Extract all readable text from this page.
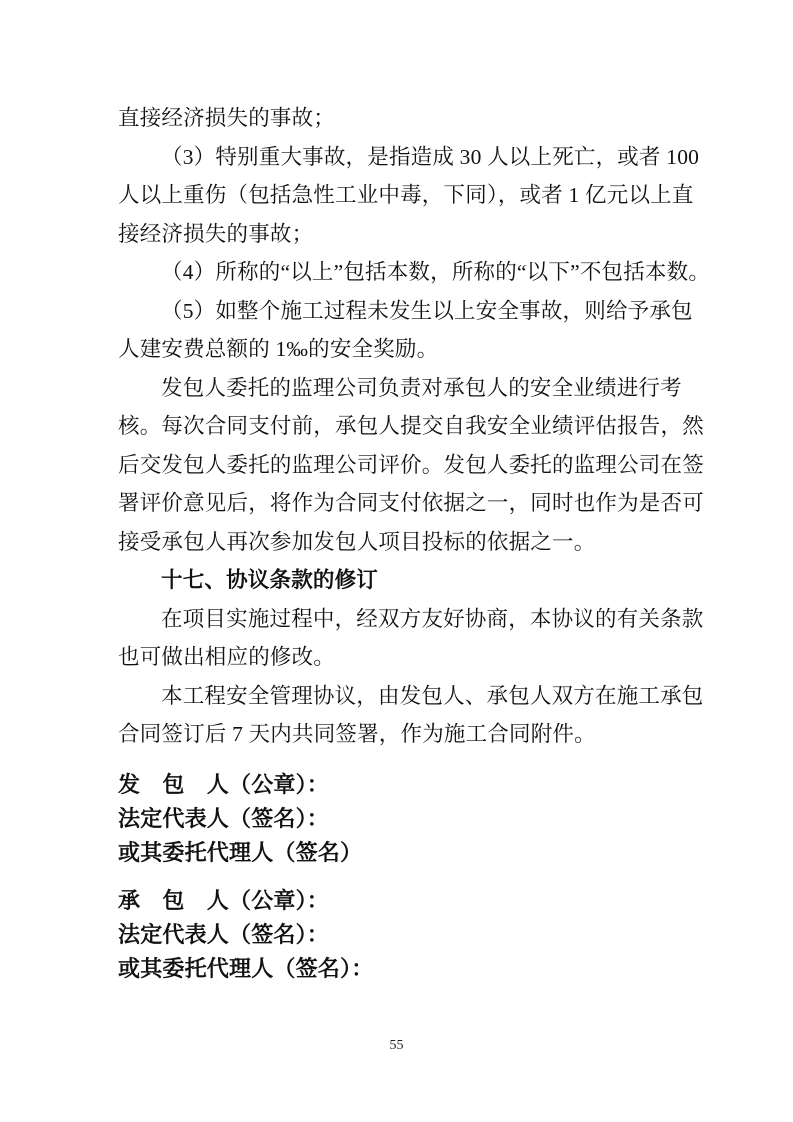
直接经济损失的事故；
（3）特别重大事故，是指造成 30 人以上死亡，或者 100
人以上重伤（包括急性工业中毒，下同），或者 1 亿元以上直
接经济损失的事故；
（4）所称的“以上”包括本数，所称的“以下”不包括本数。
（5）如整个施工过程未发生以上安全事故，则给予承包
人建安费总额的 1‰的安全奖励。
发包人委托的监理公司负责对承包人的安全业绩进行考
核。每次合同支付前，承包人提交自我安全业绩评估报告，然
后交发包人委托的监理公司评价。发包人委托的监理公司在签
署评价意见后，将作为合同支付依据之一，同时也作为是否可
接受承包人再次参加发包人项目投标的依据之一。
十七、协议条款的修订
在项目实施过程中，经双方友好协商，本协议的有关条款
也可做出相应的修改。
本工程安全管理协议，由发包人、承包人双方在施工承包
合同签订后 7 天内共同签署，作为施工合同附件。
发　包　人（公章）：
法定代表人（签名）：
或其委托代理人（签名）
承　包　人（公章）：
法定代表人（签名）：
或其委托代理人（签名）：
55
